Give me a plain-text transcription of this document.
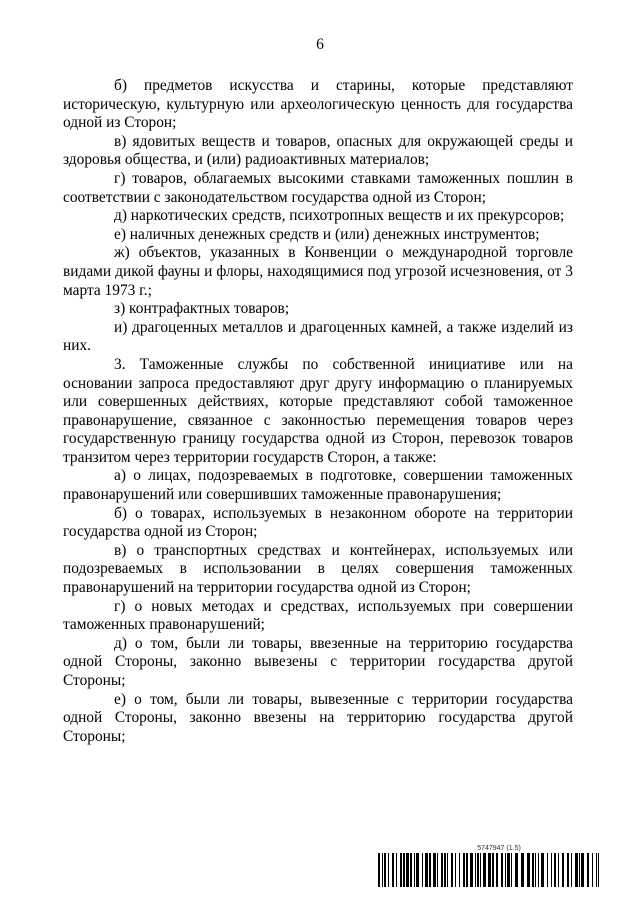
6

б) предметов искусства и старины, которые представляют историческую, культурную или археологическую ценность для государства одной из Сторон;

в) ядовитых веществ и товаров, опасных для окружающей среды и здоровья общества, и (или) радиоактивных материалов;

г) товаров, облагаемых высокими ставками таможенных пошлин в соответствии с законодательством государства одной из Сторон;

д) наркотических средств, психотропных веществ и их прекурсоров;

е) наличных денежных средств и (или) денежных инструментов;

ж) объектов, указанных в Конвенции о международной торговле видами дикой фауны и флоры, находящимися под угрозой исчезновения, от 3 марта 1973 г.;

з) контрафактных товаров;

и) драгоценных металлов и драгоценных камней, а также изделий из них.

3. Таможенные службы по собственной инициативе или на основании запроса предоставляют друг другу информацию о планируемых или совершенных действиях, которые представляют собой таможенное правонарушение, связанное с законностью перемещения товаров через государственную границу государства одной из Сторон, перевозок товаров транзитом через территории государств Сторон, а также:

а) о лицах, подозреваемых в подготовке, совершении таможенных правонарушений или совершивших таможенные правонарушения;

б) о товарах, используемых в незаконном обороте на территории государства одной из Сторон;

в) о транспортных средствах и контейнерах, используемых или подозреваемых в использовании в целях совершения таможенных правонарушений на территории государства одной из Сторон;

г) о новых методах и средствах, используемых при совершении таможенных правонарушений;

д) о том, были ли товары, ввезенные на территорию государства одной Стороны, законно вывезены с территории государства другой Стороны;

е) о том, были ли товары, вывезенные с территории государства одной Стороны, законно ввезены на территорию государства другой Стороны;

5747947 (1.5)
